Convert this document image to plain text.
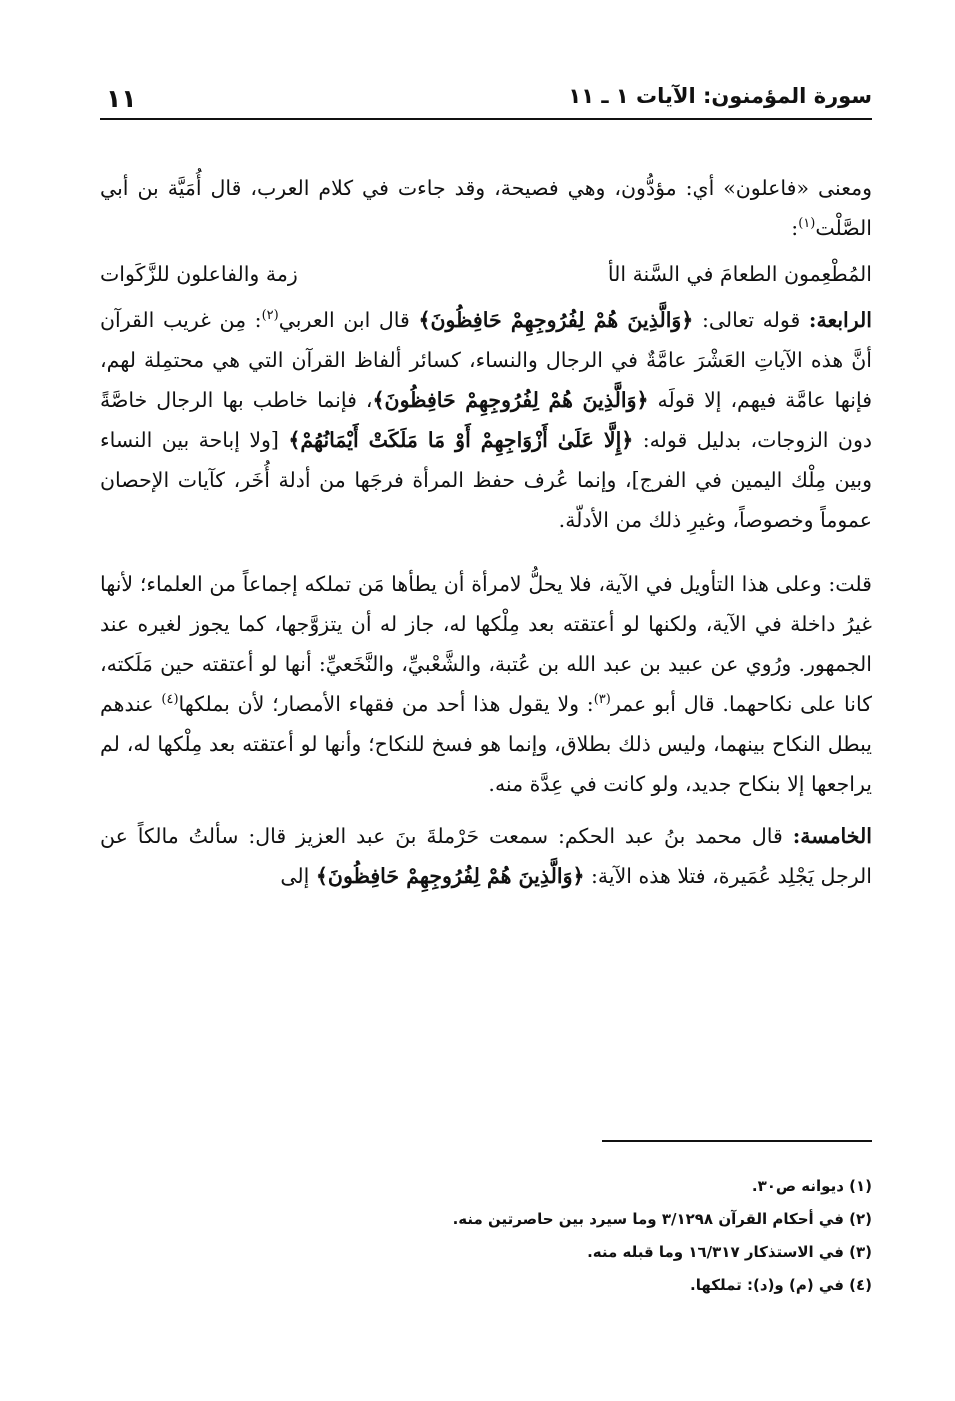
سورة المؤمنون: الآيات ١ ـ ١١
١١

ومعنى «فاعلون» أي: مؤدُّون، وهي فصيحة، وقد جاءت في كلام العرب، قال أُمَيَّة بن أبي الصَّلْت$^{(١)}$:

المُطْعِمون الطعامَ في السَّنة الأ
زمة والفاعلون للزَّكَوات

الرابعة: قوله تعالى: ﴿وَالَّذِينَ هُمْ لِفُرُوجِهِمْ حَافِظُونَ﴾ قال ابن العربي$^{(٢)}$: مِن غريب القرآن أنَّ هذه الآياتِ العَشْرَ عامَّةٌ في الرجال والنساء، كسائر ألفاظ القرآن التي هي محتمِلة لهم، فإنها عامَّة فيهم، إلا قولَه ﴿وَالَّذِينَ هُمْ لِفُرُوجِهِمْ حَافِظُونَ﴾، فإنما خاطب بها الرجال خاصَّةً دون الزوجات، بدليل قوله: ﴿إِلَّا عَلَىٰ أَزْوَاجِهِمْ أَوْ مَا مَلَكَتْ أَيْمَانُهُمْ﴾ [ولا إباحة بين النساء وبين مِلْك اليمين في الفرج]، وإنما عُرف حفظ المرأة فرجَها من أدلة أُخَر، كآيات الإحصان عموماً وخصوصاً، وغيرِ ذلك من الأدلّة.

قلت: وعلى هذا التأويل في الآية، فلا يحلُّ لامرأة أن يطأها مَن تملكه إجماعاً من العلماء؛ لأنها غيرُ داخلة في الآية، ولكنها لو أعتقته بعد مِلْكها له، جاز له أن يتزوَّجها، كما يجوز لغيره عند الجمهور. ورُوي عن عبيد بن عبد الله بن عُتبة، والشَّعْبيِّ، والنَّخَعيِّ: أنها لو أعتقته حين مَلَكته، كانا على نكاحهما. قال أبو عمر$^{(٣)}$: ولا يقول هذا أحد من فقهاء الأمصار؛ لأن بملكها$^{(٤)}$ عندهم يبطل النكاح بينهما، وليس ذلك بطلاق، وإنما هو فسخ للنكاح؛ وأنها لو أعتقته بعد مِلْكها له، لم يراجعها إلا بنكاح جديد، ولو كانت في عِدَّة منه.

الخامسة: قال محمد بنُ عبد الحكم: سمعت حَرْملةَ بنَ عبد العزيز قال: سألتُ مالكاً عن الرجل يَجْلِد عُمَيرة، فتلا هذه الآية: ﴿وَالَّذِينَ هُمْ لِفُرُوجِهِمْ حَافِظُونَ﴾ إلى

(١) ديوانه ص٣٠.
(٢) في أحكام القرآن ٣/١٢٩٨ وما سيرد بين حاصرتين منه.
(٣) في الاستذكار ١٦/٣١٧ وما قبله منه.
(٤) في (م) و(د): تملكها.
